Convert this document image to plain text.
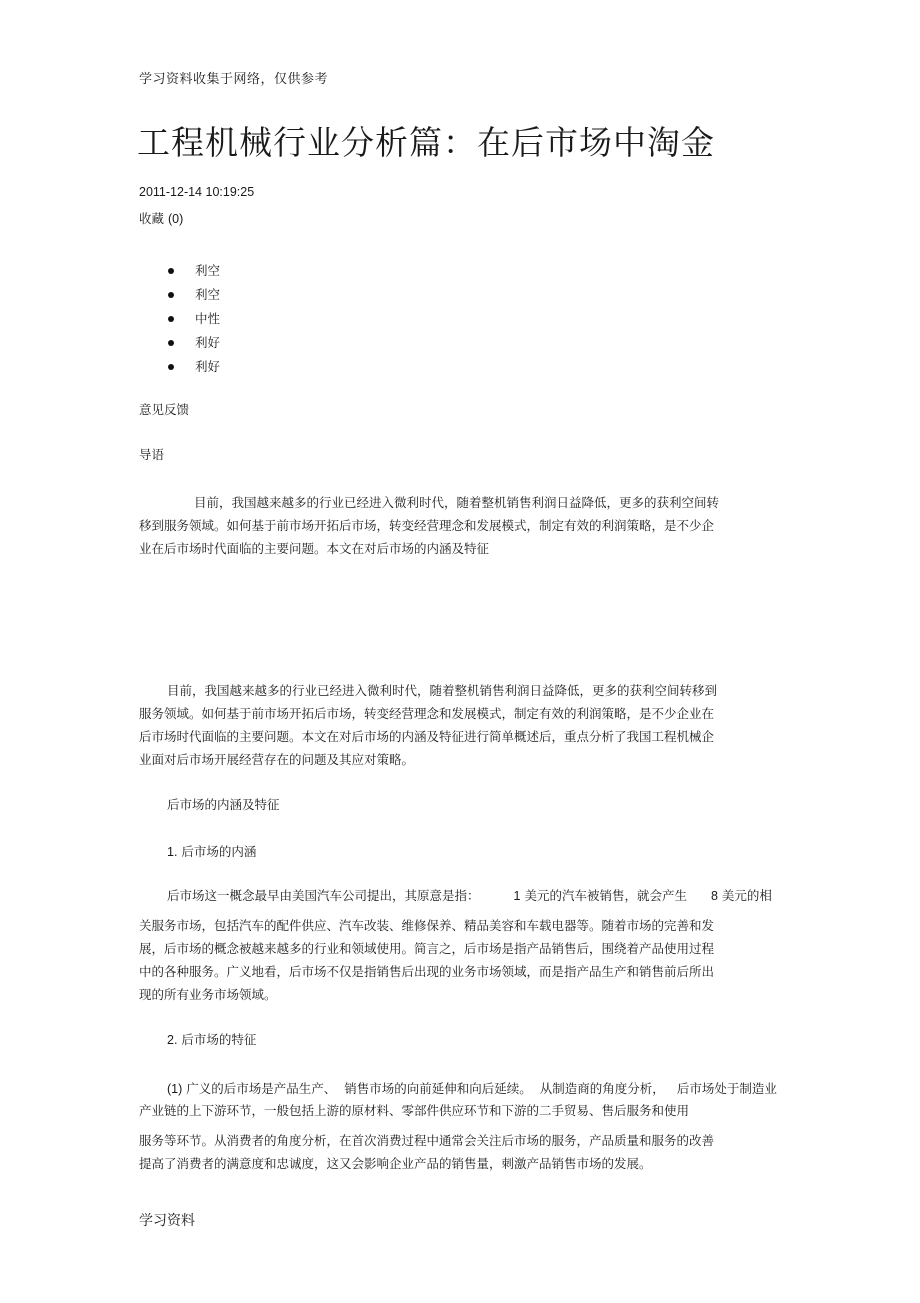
学习资料收集于网络，仅供参考
工程机械行业分析篇：在后市场中淘金
2011-12-14 10:19:25
收藏 (0)
利空
利空
中性
利好
利好
意见反馈
导语
目前，我国越来越多的行业已经进入微利时代，随着整机销售利润日益降低，更多的获利空间转
移到服务领域。如何基于前市场开拓后市场，转变经营理念和发展模式，制定有效的利润策略，是不少企
业在后市场时代面临的主要问题。本文在对后市场的内涵及特征
目前，我国越来越多的行业已经进入微利时代，随着整机销售利润日益降低，更多的获利空间转移到
服务领域。如何基于前市场开拓后市场，转变经营理念和发展模式，制定有效的利润策略，是不少企业在
后市场时代面临的主要问题。本文在对后市场的内涵及特征进行简单概述后，重点分析了我国工程机械企
业面对后市场开展经营存在的问题及其应对策略。
后市场的内涵及特征
1. 后市场的内涵
后市场这一概念最早由美国汽车公司提出，其原意是指：	1 美元的汽车被销售，就会产生 8 美元的相
关服务市场，包括汽车的配件供应、汽车改装、维修保养、精品美容和车载电器等。随着市场的完善和发
展，后市场的概念被越来越多的行业和领域使用。简言之，后市场是指产品销售后，围绕着产品使用过程
中的各种服务。广义地看，后市场不仅是指销售后出现的业务市场领域，而是指产品生产和销售前后所出
现的所有业务市场领域。
2. 后市场的特征
(1) 广义的后市场是产品生产、 销售市场的向前延伸和向后延续。 从制造商的角度分析， 后市场处于制造业
产业链的上下游环节，一般包括上游的原材料、零部件供应环节和下游的二手贸易、售后服务和使用
服务等环节。从消费者的角度分析，在首次消费过程中通常会关注后市场的服务，产品质量和服务的改善
提高了消费者的满意度和忠诚度，这又会影响企业产品的销售量，刺激产品销售市场的发展。
学习资料
